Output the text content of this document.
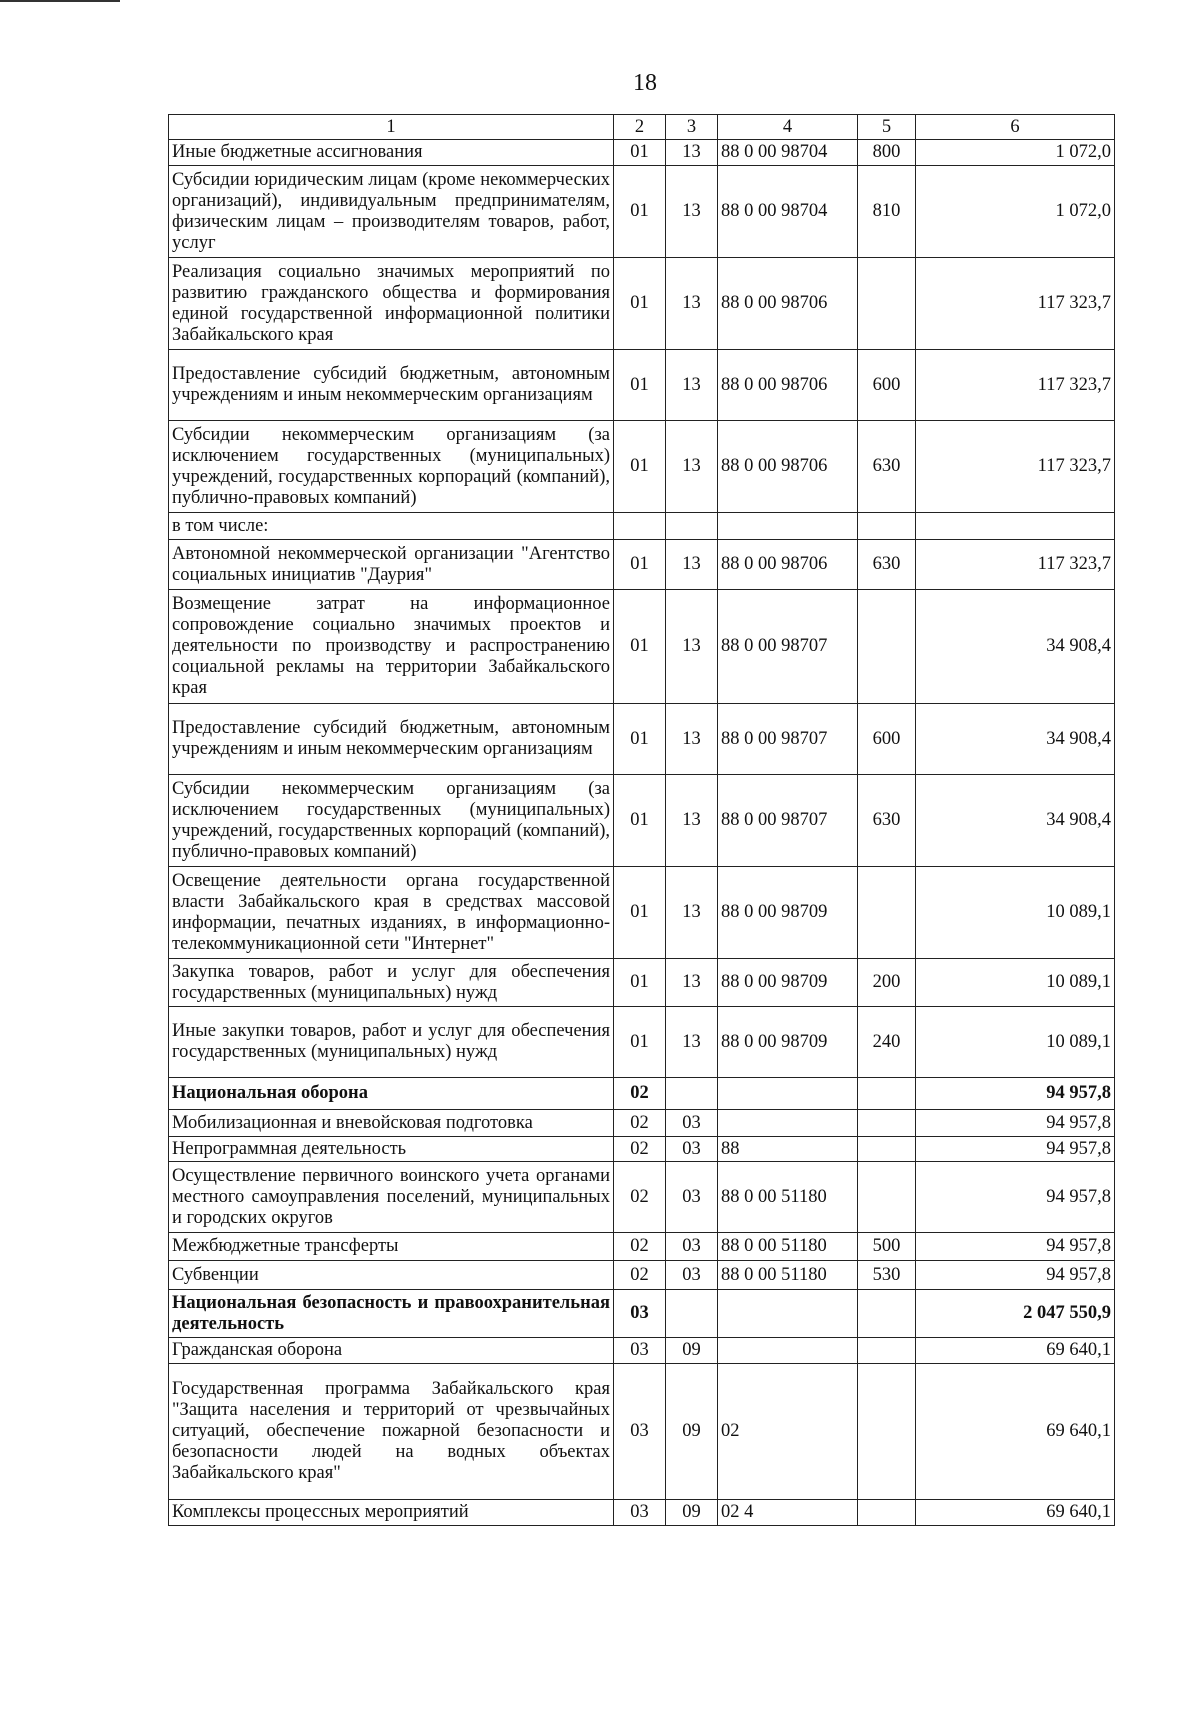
18
1	2	3	4	5	6
Иные бюджетные ассигнования	01	13	88 0 00 98704	800	1 072,0
Субсидии юридическим лицам (кроме некоммерческих организаций), индивидуальным предпринимателям, физическим лицам – производителям товаров, работ, услуг	01	13	88 0 00 98704	810	1 072,0
Реализация социально значимых мероприятий по развитию гражданского общества и формирования единой государственной информационной политики Забайкальского края	01	13	88 0 00 98706		117 323,7
Предоставление субсидий бюджетным, автономным учреждениям и иным некоммерческим организациям	01	13	88 0 00 98706	600	117 323,7
Субсидии некоммерческим организациям (за исключением государственных (муниципальных) учреждений, государственных корпораций (компаний), публично-правовых компаний)	01	13	88 0 00 98706	630	117 323,7
в том числе:					
Автономной некоммерческой организации "Агентство социальных инициатив "Даурия"	01	13	88 0 00 98706	630	117 323,7
Возмещение затрат на информационное сопровождение социально значимых проектов и деятельности по производству и распространению социальной рекламы на территории Забайкальского края	01	13	88 0 00 98707		34 908,4
Предоставление субсидий бюджетным, автономным учреждениям и иным некоммерческим организациям	01	13	88 0 00 98707	600	34 908,4
Субсидии некоммерческим организациям (за исключением государственных (муниципальных) учреждений, государственных корпораций (компаний), публично-правовых компаний)	01	13	88 0 00 98707	630	34 908,4
Освещение деятельности органа государственной власти Забайкальского края в средствах массовой информации, печатных изданиях, в информационно-телекоммуникационной сети "Интернет"	01	13	88 0 00 98709		10 089,1
Закупка товаров, работ и услуг для обеспечения государственных (муниципальных) нужд	01	13	88 0 00 98709	200	10 089,1
Иные закупки товаров, работ и услуг для обеспечения государственных (муниципальных) нужд	01	13	88 0 00 98709	240	10 089,1
Национальная оборона	02				94 957,8
Мобилизационная и вневойсковая подготовка	02	03			94 957,8
Непрограммная деятельность	02	03	88		94 957,8
Осуществление первичного воинского учета органами местного самоуправления поселений, муниципальных и городских округов	02	03	88 0 00 51180		94 957,8
Межбюджетные трансферты	02	03	88 0 00 51180	500	94 957,8
Субвенции	02	03	88 0 00 51180	530	94 957,8
Национальная безопасность и правоохранительная деятельность	03				2 047 550,9
Гражданская оборона	03	09			69 640,1
Государственная программа Забайкальского края "Защита населения и территорий от чрезвычайных ситуаций, обеспечение пожарной безопасности и безопасности людей на водных объектах Забайкальского края"	03	09	02		69 640,1
Комплексы процессных мероприятий	03	09	02 4		69 640,1
